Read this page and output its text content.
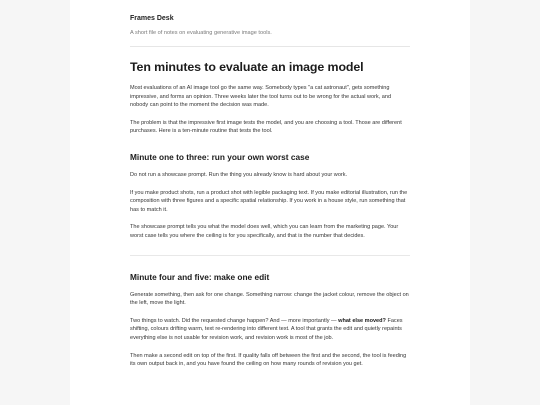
Frames Desk
A short file of notes on evaluating generative image tools.
Ten minutes to evaluate an image model

Most evaluations of an AI image tool go the same way. Somebody types "a cat astronaut", gets something impressive, and forms an opinion. Three weeks later the tool turns out to be wrong for the actual work, and nobody can point to the moment the decision was made.

The problem is that the impressive first image tests the model, and you are choosing a tool. Those are different purchases. Here is a ten-minute routine that tests the tool.

Minute one to three: run your own worst case

Do not run a showcase prompt. Run the thing you already know is hard about your work.

If you make product shots, run a product shot with legible packaging text. If you make editorial illustration, run the composition with three figures and a specific spatial relationship. If you work in a house style, run something that has to match it.

The showcase prompt tells you what the model does well, which you can learn from the marketing page. Your worst case tells you where the ceiling is for you specifically, and that is the number that decides.

Minute four and five: make one edit

Generate something, then ask for one change. Something narrow: change the jacket colour, remove the object on the left, move the light.

Two things to watch. Did the requested change happen? And — more importantly — what else moved? Faces shifting, colours drifting warm, text re-rendering into different text. A tool that grants the edit and quietly repaints everything else is not usable for revision work, and revision work is most of the job.

Then make a second edit on top of the first. If quality falls off between the first and the second, the tool is feeding its own output back in, and you have found the ceiling on how many rounds of revision you get.
